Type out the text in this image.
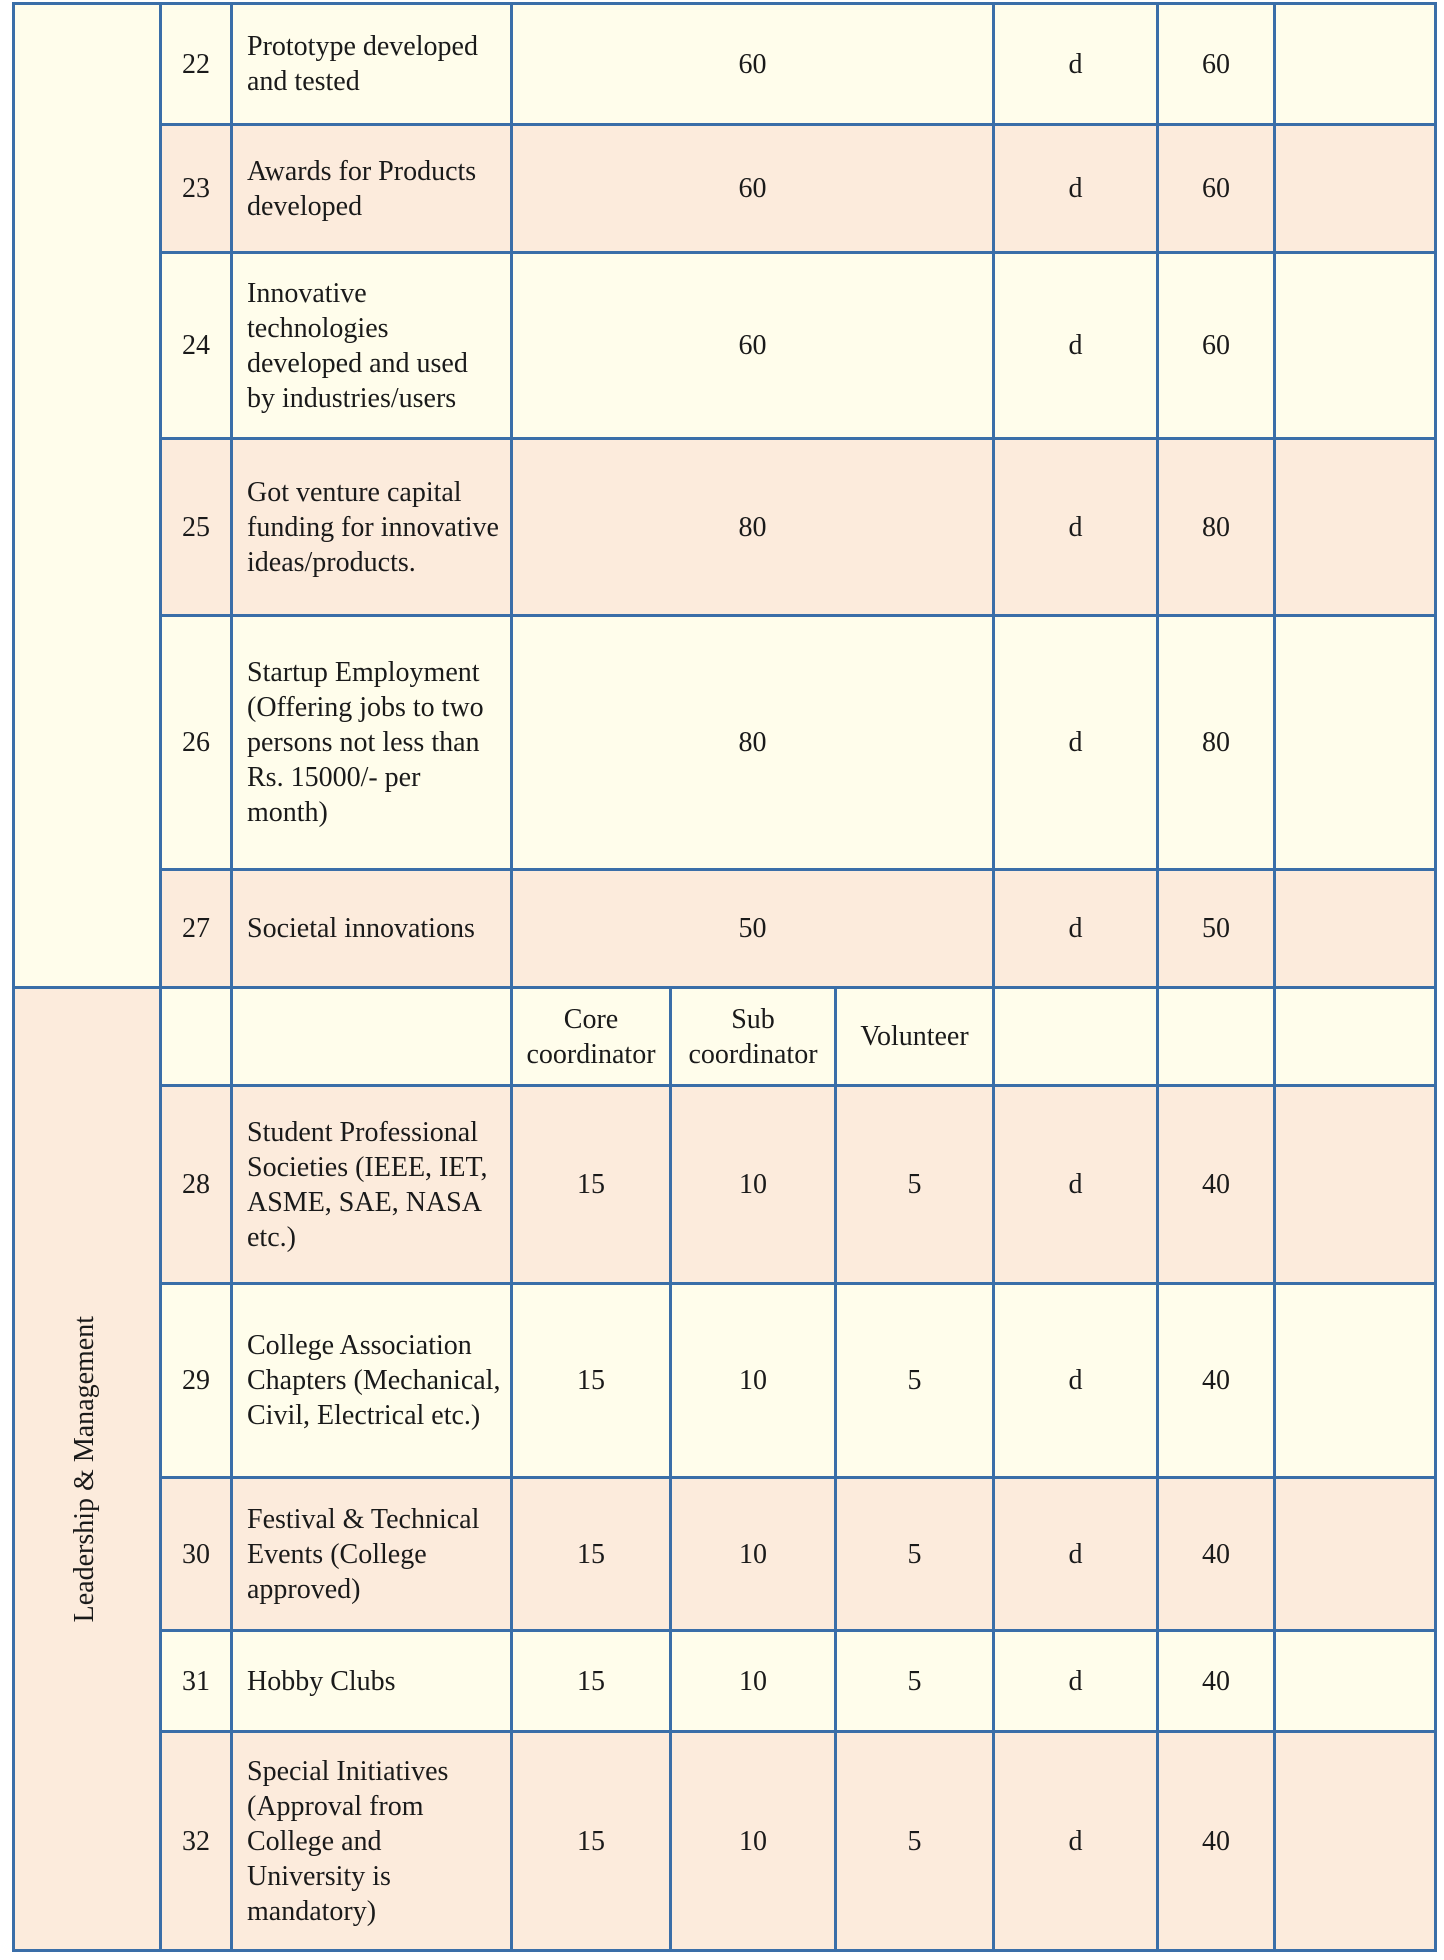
	22	Prototype developed and tested	60			d	60	
	23	Awards for Products developed	60			d	60	
	24	Innovative technologies developed and used by industries/users	60			d	60	
	25	Got venture capital funding for innovative ideas/products.	80			d	80	
	26	Startup Employment (Offering jobs to two persons not less than Rs. 15000/- per month)	80			d	80	
	27	Societal innovations	50			d	50	

Leadership & Management			Core coordinator	Sub coordinator	Volunteer			
	28	Student Professional Societies (IEEE, IET, ASME, SAE, NASA etc.)	15	10	5	d	40	
	29	College Association Chapters (Mechanical, Civil, Electrical etc.)	15	10	5	d	40	
	30	Festival & Technical Events (College approved)	15	10	5	d	40	
	31	Hobby Clubs	15	10	5	d	40	
	32	Special Initiatives (Approval from College and University is mandatory)	15	10	5	d	40	
